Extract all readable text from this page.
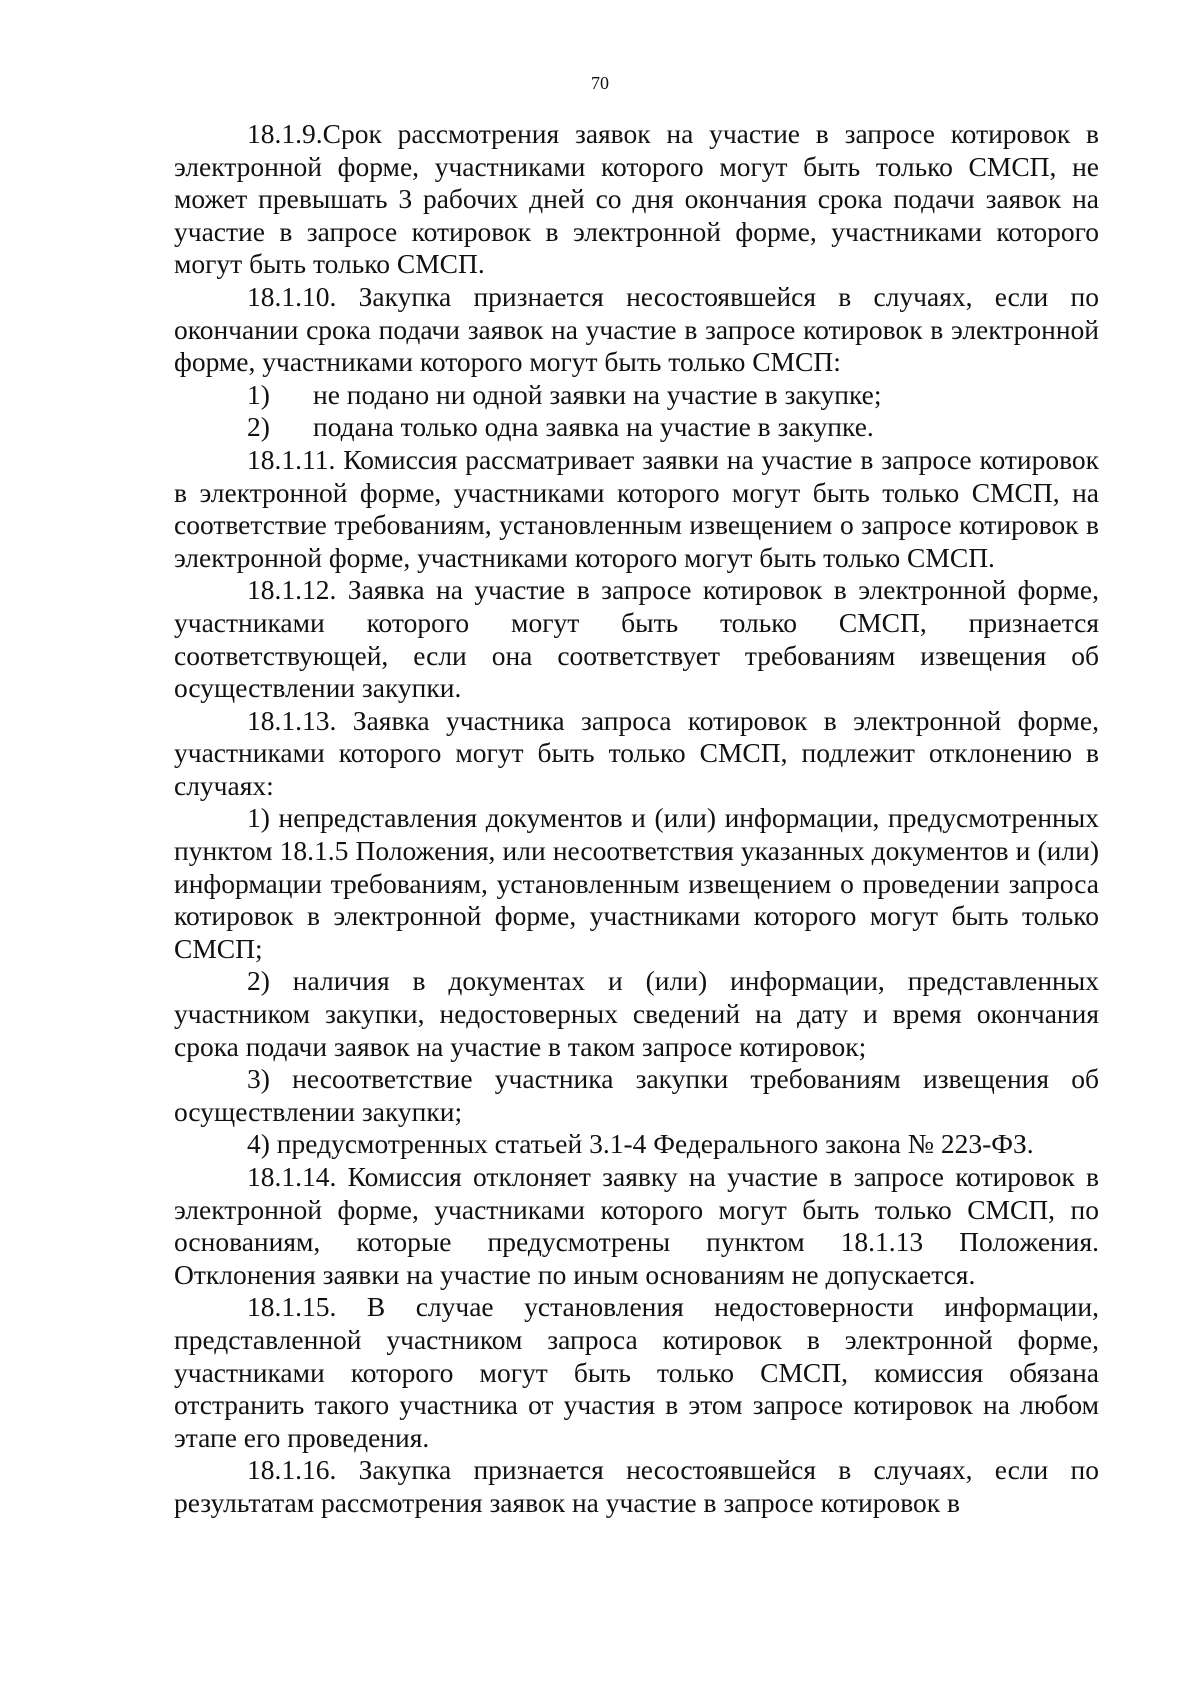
70

18.1.9.Срок рассмотрения заявок на участие в запросе котировок в электронной форме, участниками которого могут быть только СМСП, не может превышать 3 рабочих дней со дня окончания срока подачи заявок на участие в запросе котировок в электронной форме, участниками которого могут быть только СМСП.

18.1.10. Закупка признается несостоявшейся в случаях, если по окончании срока подачи заявок на участие в запросе котировок в электронной форме, участниками которого могут быть только СМСП:

1) не подано ни одной заявки на участие в закупке;

2) подана только одна заявка на участие в закупке.

18.1.11. Комиссия рассматривает заявки на участие в запросе котировок в электронной форме, участниками которого могут быть только СМСП, на соответствие требованиям, установленным извещением о запросе котировок в электронной форме, участниками которого могут быть только СМСП.

18.1.12. Заявка на участие в запросе котировок в электронной форме, участниками которого могут быть только СМСП, признается соответствующей, если она соответствует требованиям извещения об осуществлении закупки.

18.1.13. Заявка участника запроса котировок в электронной форме, участниками которого могут быть только СМСП, подлежит отклонению в случаях:

1) непредставления документов и (или) информации, предусмотренных пунктом 18.1.5 Положения, или несоответствия указанных документов и (или) информации требованиям, установленным извещением о проведении запроса котировок в электронной форме, участниками которого могут быть только СМСП;

2) наличия в документах и (или) информации, представленных участником закупки, недостоверных сведений на дату и время окончания срока подачи заявок на участие в таком запросе котировок;

3) несоответствие участника закупки требованиям извещения об осуществлении закупки;

4) предусмотренных статьей 3.1-4 Федерального закона № 223-ФЗ.

18.1.14. Комиссия отклоняет заявку на участие в запросе котировок в электронной форме, участниками которого могут быть только СМСП, по основаниям, которые предусмотрены пунктом 18.1.13 Положения. Отклонения заявки на участие по иным основаниям не допускается.

18.1.15. В случае установления недостоверности информации, представленной участником запроса котировок в электронной форме, участниками которого могут быть только СМСП, комиссия обязана отстранить такого участника от участия в этом запросе котировок на любом этапе его проведения.

18.1.16. Закупка признается несостоявшейся в случаях, если по результатам рассмотрения заявок на участие в запросе котировок в
